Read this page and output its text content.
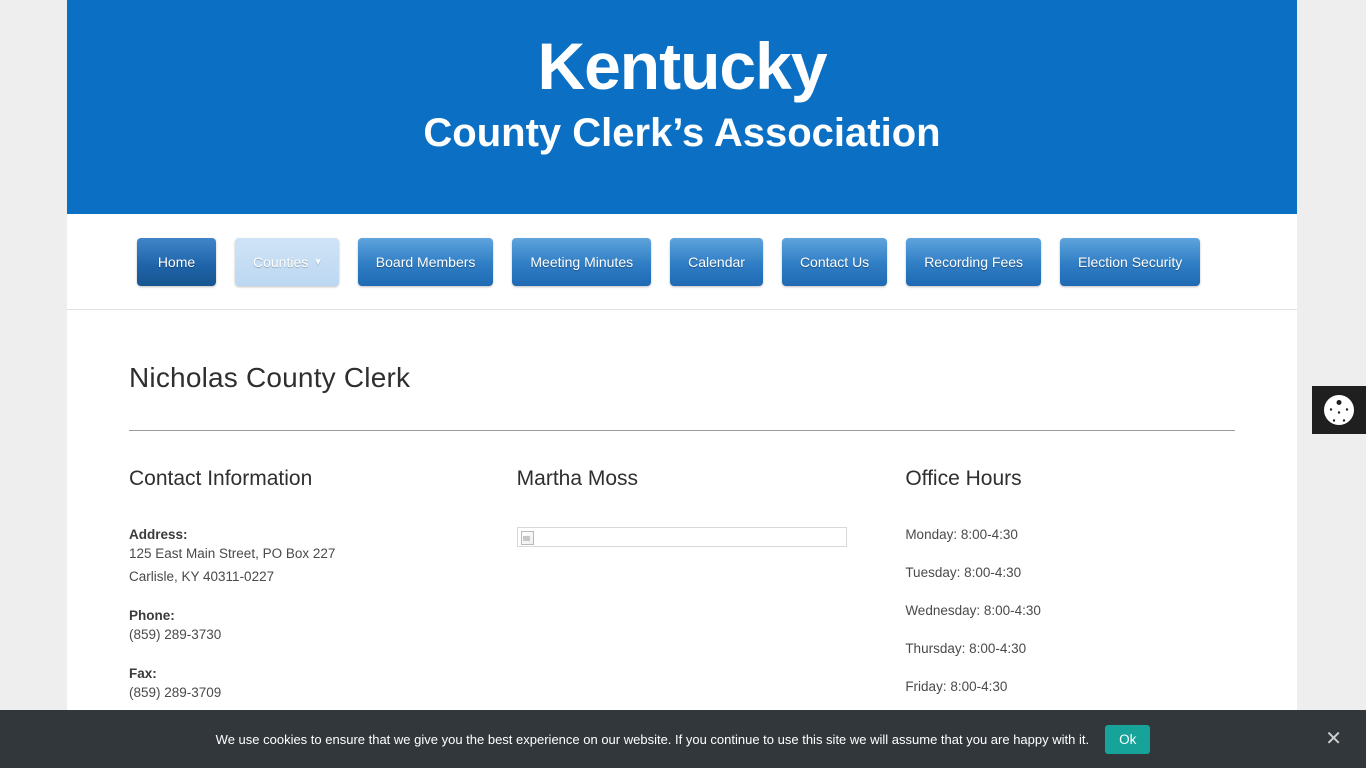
Kentucky
County Clerk’s Association
Home	Counties ▾	Board Members	Meeting Minutes	Calendar	Contact Us	Recording Fees	Election Security
Nicholas County Clerk
Contact Information
Address:
125 East Main Street, PO Box 227
Carlisle, KY 40311-0227
Phone:
(859) 289-3730
Fax:
(859) 289-3709
Martha Moss	Office Hours
Monday: 8:00-4:30
Tuesday: 8:00-4:30
Wednesday: 8:00-4:30
Thursday: 8:00-4:30
Friday: 8:00-4:30
We use cookies to ensure that we give you the best experience on our website. If you continue to use this site we will assume that you are happy with it.	Ok	✕
